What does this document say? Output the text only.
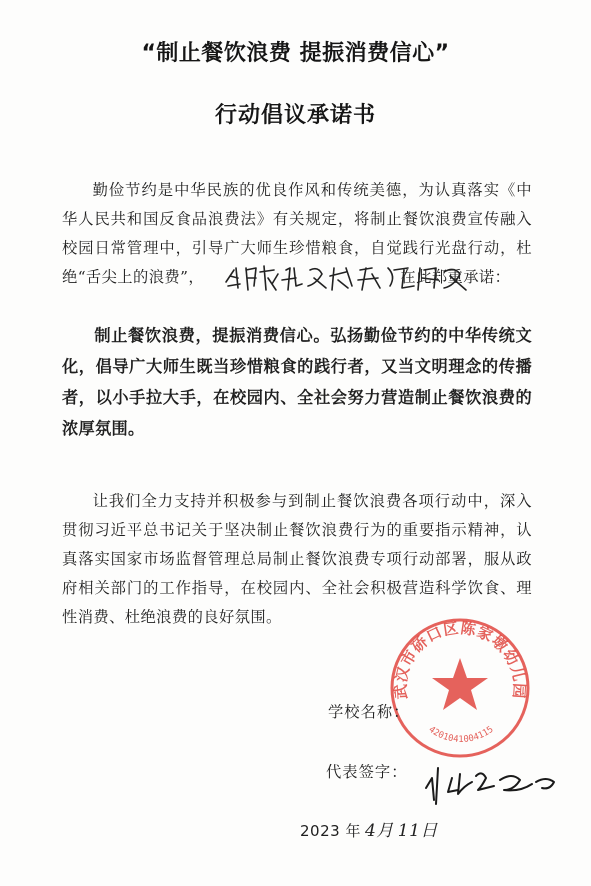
“制止餐饮浪费 提振消费信心”
行动倡议承诺书

勤俭节约是中华民族的优良作风和传统美德，为认真落实《中华人民共和国反食品浪费法》有关规定，将制止餐饮浪费宣传融入校园日常管理中，引导广大师生珍惜粮食，自觉践行光盘行动，杜绝“舌尖上的浪费”，　　　　　　　　　　　　　在此郑重承诺：

制止餐饮浪费，提振消费信心。弘扬勤俭节约的中华传统文化，倡导广大师生既当珍惜粮食的践行者，又当文明理念的传播者，以小手拉大手，在校园内、全社会努力营造制止餐饮浪费的浓厚氛围。

让我们全力支持并积极参与到制止餐饮浪费各项行动中，深入贯彻习近平总书记关于坚决制止餐饮浪费行为的重要指示精神，认真落实国家市场监督管理总局制止餐饮浪费专项行动部署，服从政府相关部门的工作指导，在校园内、全社会积极营造科学饮食、理性消费、杜绝浪费的良好氛围。

武汉市硚口区陈家墩幼儿园
4201041004115
学校名称：
代表签字：
2023 年 4月 11日
